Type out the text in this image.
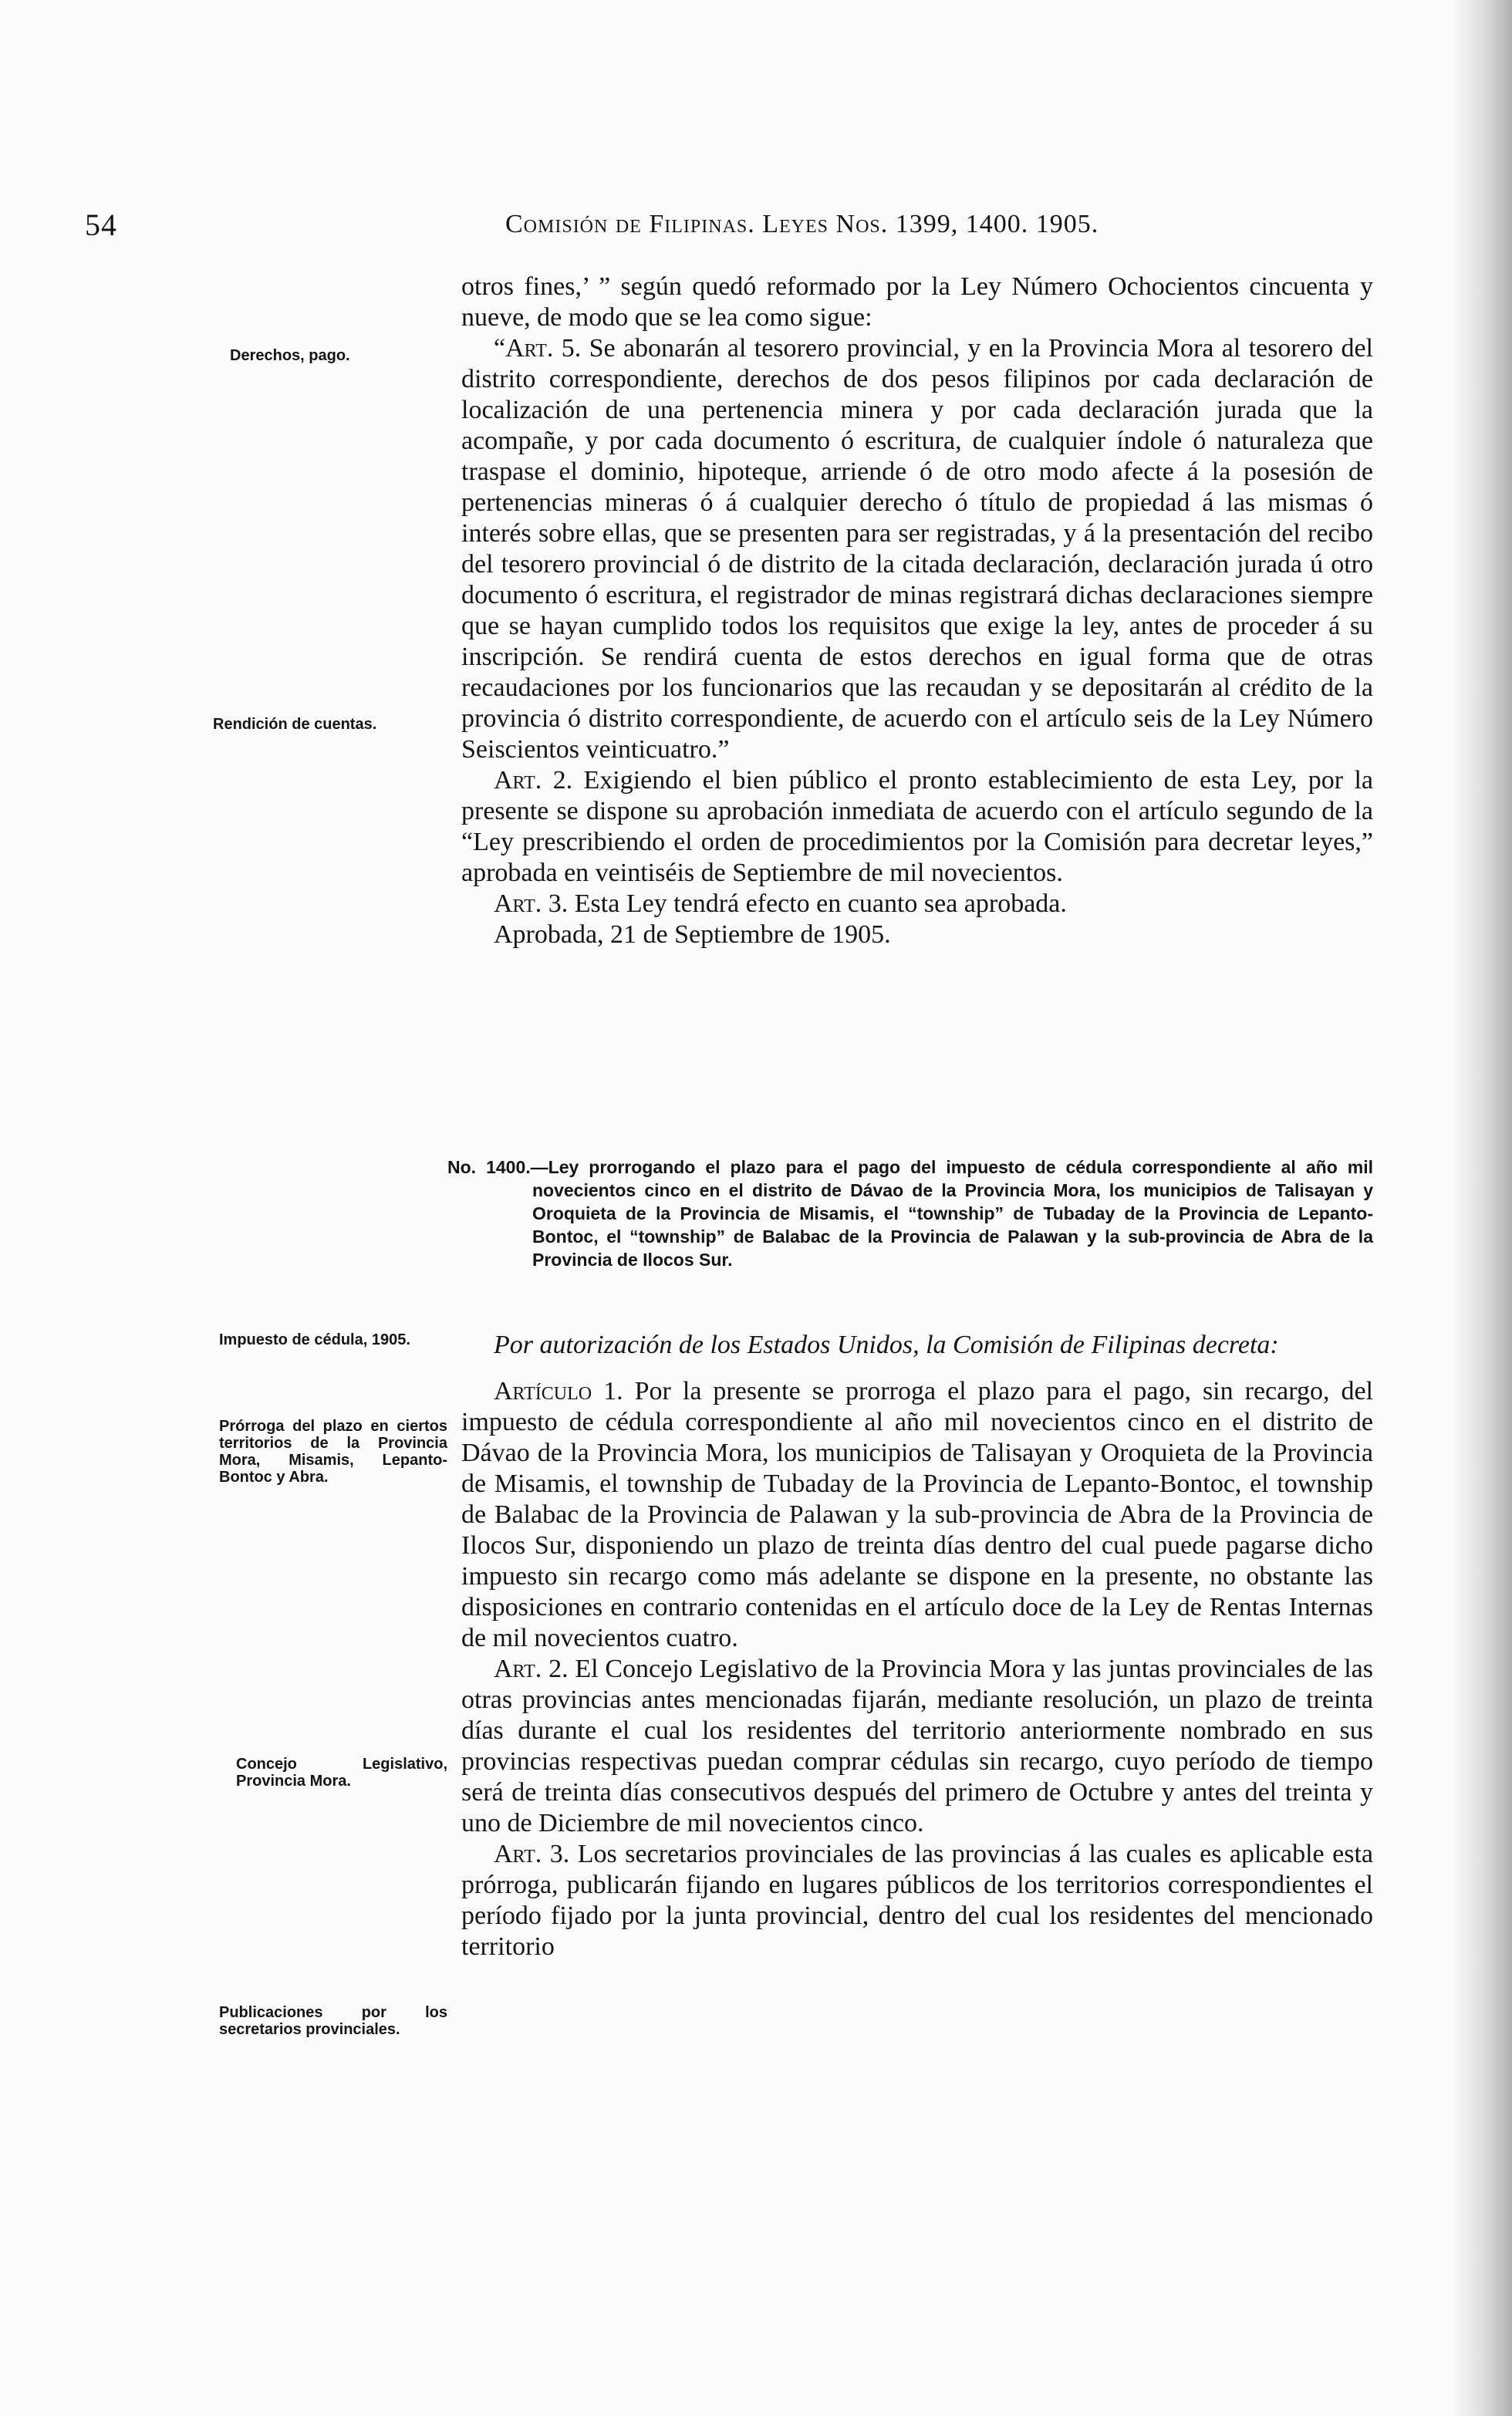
54	Comisión de Filipinas. Leyes Nos. 1399, 1400. 1905.
Derechos, pago.
Rendición de cuentas.
Impuesto de cédula, 1905.
Prórroga del plazo en ciertos territorios de la Provincia Mora, Misamis, Lepanto-Bontoc y Abra.
Concejo Legislativo, Provincia Mora.
Publicaciones por los secretarios provinciales.

otros fines,’ ” según quedó reformado por la Ley Número Ochocientos cincuenta y nueve, de modo que se lea como sigue:

“Art. 5. Se abonarán al tesorero provincial, y en la Provincia Mora al tesorero del distrito correspondiente, derechos de dos pesos filipinos por cada declaración de localización de una pertenencia minera y por cada declaración jurada que la acompañe, y por cada documento ó escritura, de cualquier índole ó naturaleza que traspase el dominio, hipoteque, arriende ó de otro modo afecte á la posesión de pertenencias mineras ó á cualquier derecho ó título de propiedad á las mismas ó interés sobre ellas, que se presenten para ser registradas, y á la presentación del recibo del tesorero provincial ó de distrito de la citada declaración, declaración jurada ú otro documento ó escritura, el registrador de minas registrará dichas declaraciones siempre que se hayan cumplido todos los requisitos que exige la ley, antes de proceder á su inscripción. Se rendirá cuenta de estos derechos en igual forma que de otras recaudaciones por los funcionarios que las recaudan y se depositarán al crédito de la provincia ó distrito correspondiente, de acuerdo con el artículo seis de la Ley Número Seiscientos veinticuatro.”

Art. 2. Exigiendo el bien público el pronto establecimiento de esta Ley, por la presente se dispone su aprobación inmediata de acuerdo con el artículo segundo de la “Ley prescribiendo el orden de procedimientos por la Comisión para decretar leyes,” aprobada en veintiséis de Septiembre de mil novecientos.

Art. 3. Esta Ley tendrá efecto en cuanto sea aprobada.

Aprobada, 21 de Septiembre de 1905.

No. 1400.—Ley prorrogando el plazo para el pago del impuesto de cédula correspondiente al año mil novecientos cinco en el distrito de Dávao de la Provincia Mora, los municipios de Talisayan y Oroquieta de la Provincia de Misamis, el “township” de Tubaday de la Provincia de Lepanto-Bontoc, el “township” de Balabac de la Provincia de Palawan y la sub-provincia de Abra de la Provincia de Ilocos Sur.

Por autorización de los Estados Unidos, la Comisión de Filipinas decreta:

Artículo 1. Por la presente se prorroga el plazo para el pago, sin recargo, del impuesto de cédula correspondiente al año mil novecientos cinco en el distrito de Dávao de la Provincia Mora, los municipios de Talisayan y Oroquieta de la Provincia de Misamis, el township de Tubaday de la Provincia de Lepanto-Bontoc, el township de Balabac de la Provincia de Palawan y la sub-provincia de Abra de la Provincia de Ilocos Sur, disponiendo un plazo de treinta días dentro del cual puede pagarse dicho impuesto sin recargo como más adelante se dispone en la presente, no obstante las disposiciones en contrario contenidas en el artículo doce de la Ley de Rentas Internas de mil novecientos cuatro.

Art. 2. El Concejo Legislativo de la Provincia Mora y las juntas provinciales de las otras provincias antes mencionadas fijarán, mediante resolución, un plazo de treinta días durante el cual los residentes del territorio anteriormente nombrado en sus provincias respectivas puedan comprar cédulas sin recargo, cuyo período de tiempo será de treinta días consecutivos después del primero de Octubre y antes del treinta y uno de Diciembre de mil novecientos cinco.

Art. 3. Los secretarios provinciales de las provincias á las cuales es aplicable esta prórroga, publicarán fijando en lugares públicos de los territorios correspondientes el período fijado por la junta provincial, dentro del cual los residentes del mencionado territorio
